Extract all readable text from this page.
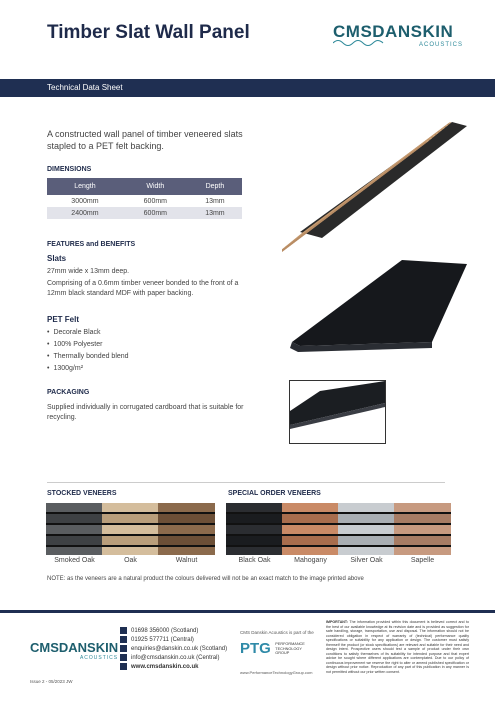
Timber Slat Wall Panel	CMSDANSKIN
ACOUSTICS
Technical Data Sheet
A constructed wall panel of timber veneered slats stapled to a PET felt backing.
DIMENSIONS
Length	Width	Depth
3000mm	600mm	13mm
2400mm	600mm	13mm
FEATURES and BENEFITS
Slats
27mm wide x 13mm deep.
Comprising of a 0.6mm timber veneer bonded to the front of a 12mm black standard MDF with paper backing.
PET Felt
• Decorale Black
• 100% Polyester
• Thermally bonded blend
• 1300g/m²
PACKAGING
Supplied individually in corrugated cardboard that is suitable for recycling.
STOCKED VENEERS	SPECIAL ORDER VENEERS
Smoked Oak	Oak	Walnut	Black Oak	Mahogany	Silver Oak	Sapelle
NOTE: as the veneers are a natural product the colours delivered will not be an exact match to the image printed above
CMSDANSKIN
ACOUSTICS
Issue 2 - 05/2023 JW
01698 356000 (Scotland)
01925 577711 (Central)
enquiries@danskin.co.uk (Scotland)
info@cmsdanskin.co.uk (Central)
www.cmsdanskin.co.uk
CMS Danskin Acoustics is part of the
PTG PERFORMANCE TECHNOLOGY GROUP
www.PerformanceTechnologyGroup.com
IMPORTANT: The information provided within this document is believed correct and to the best of our available knowledge at its revision date and is provided as suggestion for safe handling, storage, transportation, use and disposal. The information should not be considered obligation in respect of warranty of (technical) performance quality specifications or suitability for any application or design. The customer must satisfy themself the product (or stock specifications) are relevant and suitable for their need and design intent. Prospective users should test a sample of product under their own conditions to satisfy themselves of its suitability for intended purpose and that expert advice be sought where different applications are contemplated. Due to our policy of continuous improvement we reserve the right to alter or amend published specification or design without prior notice. Reproduction of any part of this publication in any manner is not permitted without our prior written consent.
